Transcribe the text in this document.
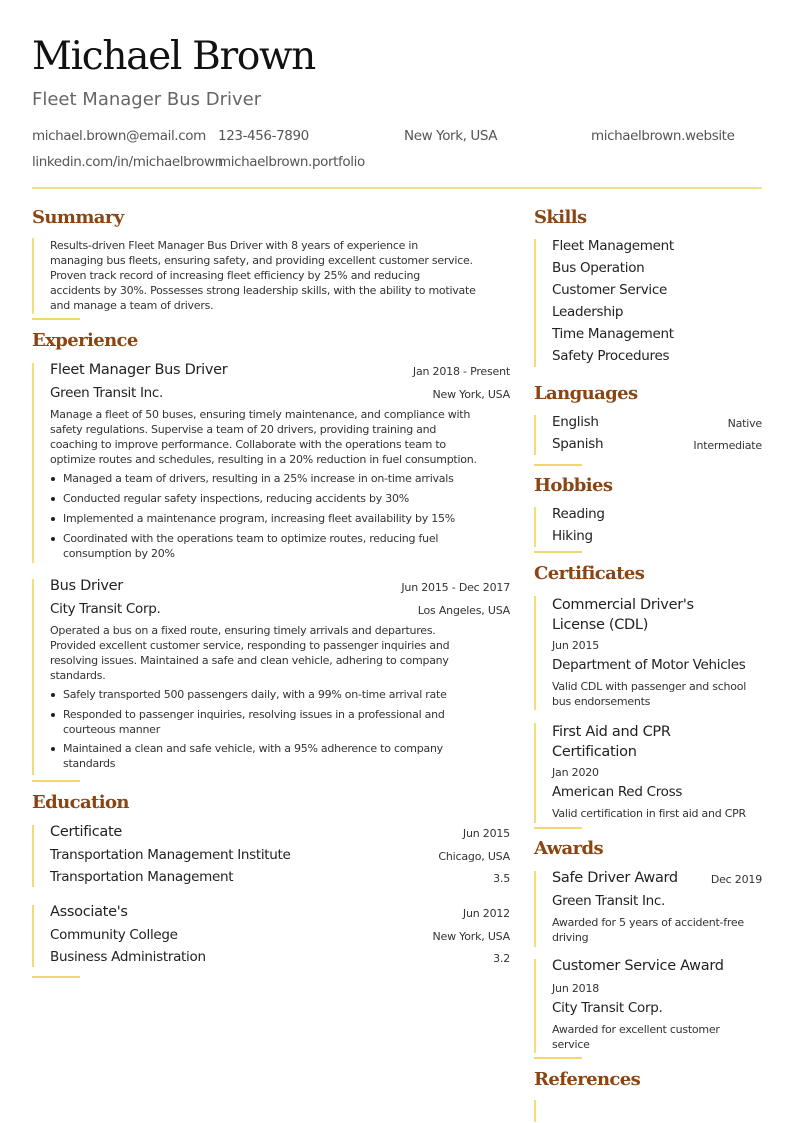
Michael Brown
Fleet Manager Bus Driver
michael.brown@email.com 123-456-7890	New York, USA	michaelbrown.website
linkedin.com/in/michaelbrown
michaelbrown.portfolio
Summary
Results-driven Fleet Manager Bus Driver with 8 years of experience in
managing bus fleets, ensuring safety, and providing excellent customer service.
Proven track record of increasing fleet efficiency by 25% and reducing
accidents by 30%. Possesses strong leadership skills, with the ability to motivate
and manage a team of drivers.
Experience
Fleet Manager Bus Driver	Jan 2018 - Present
Green Transit Inc.	New York, USA
Manage a fleet of 50 buses, ensuring timely maintenance, and compliance with
safety regulations. Supervise a team of 20 drivers, providing training and
coaching to improve performance. Collaborate with the operations team to
optimize routes and schedules, resulting in a 20% reduction in fuel consumption.
Managed a team of drivers, resulting in a 25% increase in on-time arrivals
Conducted regular safety inspections, reducing accidents by 30%
Implemented a maintenance program, increasing fleet availability by 15%
Coordinated with the operations team to optimize routes, reducing fuel
consumption by 20%
Bus Driver	Jun 2015 - Dec 2017
City Transit Corp.	Los Angeles, USA
Operated a bus on a fixed route, ensuring timely arrivals and departures.
Provided excellent customer service, responding to passenger inquiries and
resolving issues. Maintained a safe and clean vehicle, adhering to company
standards.
Safely transported 500 passengers daily, with a 99% on-time arrival rate
Responded to passenger inquiries, resolving issues in a professional and
courteous manner
Maintained a clean and safe vehicle, with a 95% adherence to company
standards
Education
Certificate	Jun 2015
Transportation Management Institute	Chicago, USA
Transportation Management	3.5
Associate's	Jun 2012
Community College	New York, USA
Business Administration	3.2
Skills
Fleet Management
Bus Operation
Customer Service
Leadership
Time Management
Safety Procedures
Languages
English	Native
Spanish	Intermediate
Hobbies
Reading
Hiking
Certificates
Commercial Driver's
License (CDL)
Jun 2015
Department of Motor Vehicles
Valid CDL with passenger and school
bus endorsements
First Aid and CPR
Certification
Jan 2020
American Red Cross
Valid certification in first aid and CPR
Awards
Safe Driver Award	Dec 2019
Green Transit Inc.
Awarded for 5 years of accident-free
driving
Customer Service Award
Jun 2018
City Transit Corp.
Awarded for excellent customer
service
References
